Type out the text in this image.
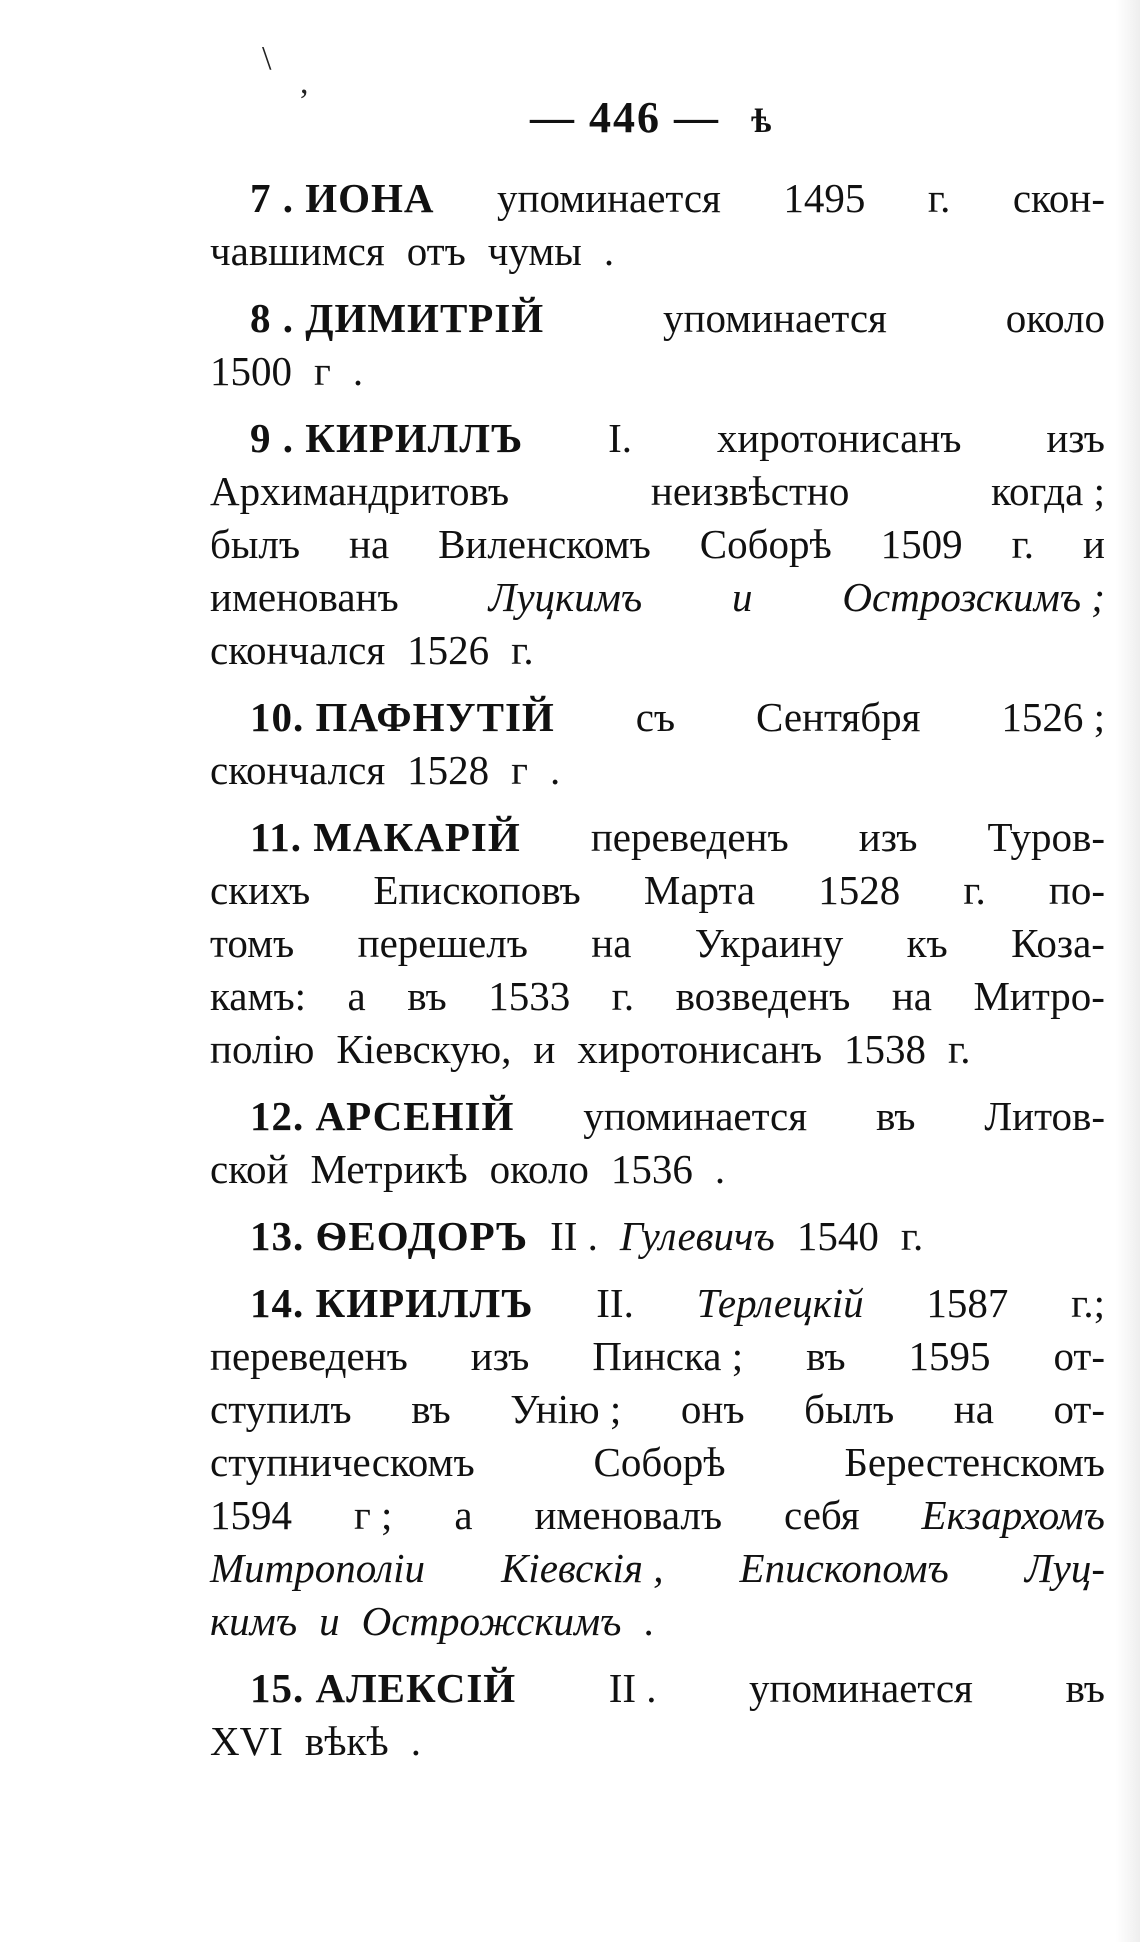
\
,
— 446 — ѣ
7 . ИОНА упоминается 1495 г. скон-
чавшимся отъ чумы .
8 . ДИМИТРІЙ	упоминается	около
1500 г .
9 . КИРИЛЛЪ I. хиротонисанъ изъ
Архимандритовъ	неизвѣстно	когда ;
былъ на Виленскомъ Соборѣ 1509 г. и
именованъ Луцкимъ и Острозскимъ ;
скончался 1526 г.
10. ПАФНУТІЙ съ Сентября 1526 ;
скончался 1528 г .
11. МАКАРІЙ переведенъ изъ Туров-
скихъ Епископовъ Марта 1528 г. по-
томъ перешелъ на Украину къ Коза-
камъ: а въ 1533 г. возведенъ на Митро-
полію Кіевскую, и хиротонисанъ 1538 г.
12. АРСЕНІЙ упоминается въ Литов-
ской Метрикѣ около 1536 .
13. ѲЕОДОРЪ II . Гулевичъ 1540 г.
14. КИРИЛЛЪ II. Терлецкій 1587 г.;
переведенъ изъ Пинска ; въ 1595 от-
ступилъ въ Унію ; онъ былъ на от-
ступническомъ	Соборѣ	Берестенскомъ
1594 г ; а именовалъ себя Екзархомъ
Митрополіи Кіевскія , Епископомъ Луц-
кимъ и Острожскимъ .
15. АЛЕКСІЙ II . упоминается въ
XVI вѣкѣ .
